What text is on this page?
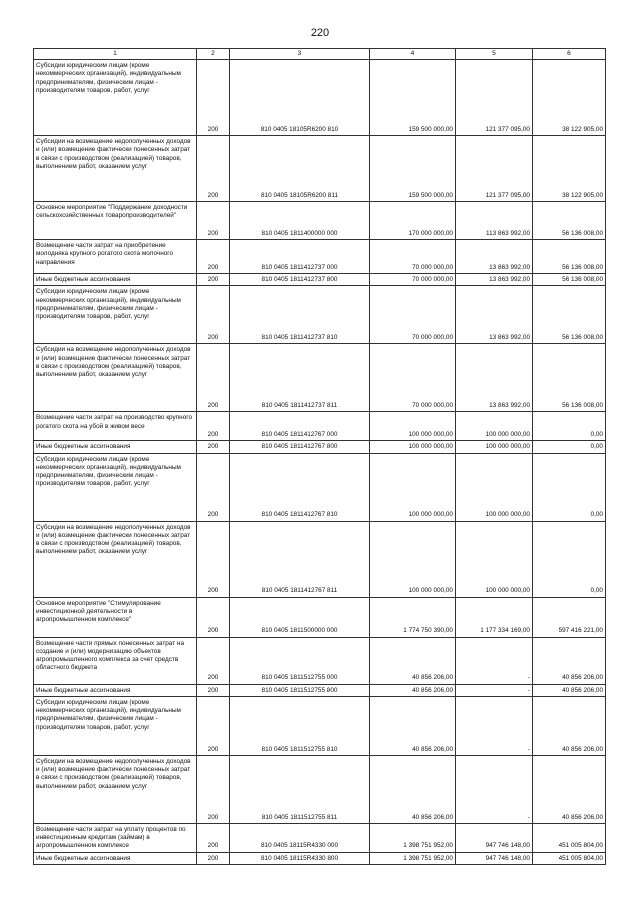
220
1	2	3	4	5	6
Субсидии юридическим лицам (кроме некоммерческих организаций), индивидуальным предпринимателям, физическим лицам - производителям товаров, работ, услуг	200	810 0405 18105R6200 810	159 500 000,00	121 377 095,00	38 122 905,00
Субсидии на возмещение недополученных доходов и (или) возмещение фактически понесенных затрат в связи с производством (реализацией) товаров, выполнением работ, оказанием услуг	200	810 0405 18105R6200 811	159 500 000,00	121 377 095,00	38 122 905,00
Основное мероприятие "Поддержание доходности сельскохозяйственных товаропроизводителей"	200	810 0405 1811400000 000	170 000 000,00	113 863 992,00	56 136 008,00
Возмещение части затрат на приобретение молодняка крупного рогатого скота молочного направления	200	810 0405 1811412737 000	70 000 000,00	13 863 992,00	56 136 008,00
Иные бюджетные ассигнования	200	810 0405 1811412737 800	70 000 000,00	13 863 992,00	56 136 008,00
Субсидии юридическим лицам (кроме некоммерческих организаций), индивидуальным предпринимателям, физическим лицам - производителям товаров, работ, услуг	200	810 0405 1811412737 810	70 000 000,00	13 863 992,00	56 136 008,00
Субсидии на возмещение недополученных доходов и (или) возмещение фактически понесенных затрат в связи с производством (реализацией) товаров, выполнением работ, оказанием услуг	200	810 0405 1811412737 811	70 000 000,00	13 863 992,00	56 136 008,00
Возмещение части затрат на производство крупного рогатого скота на убой в живом весе	200	810 0405 1811412767 000	100 000 000,00	100 000 000,00	0,00
Иные бюджетные ассигнования	200	810 0405 1811412767 800	100 000 000,00	100 000 000,00	0,00
Субсидии юридическим лицам (кроме некоммерческих организаций), индивидуальным предпринимателям, физическим лицам - производителям товаров, работ, услуг	200	810 0405 1811412767 810	100 000 000,00	100 000 000,00	0,00
Субсидии на возмещение недополученных доходов и (или) возмещение фактически понесенных затрат в связи с производством (реализацией) товаров, выполнением работ, оказанием услуг	200	810 0405 1811412767 811	100 000 000,00	100 000 000,00	0,00
Основное мероприятие "Стимулирование инвестиционной деятельности в агропромышленном комплексе"	200	810 0405 1811500000 000	1 774 750 390,00	1 177 334 169,00	597 416 221,00
Возмещение части прямых понесенных затрат на создание и (или) модернизацию объектов агропромышленного комплекса за счет средств областного бюджета	200	810 0405 1811512755 000	40 856 206,00	-	40 856 206,00
Иные бюджетные ассигнования	200	810 0405 1811512755 800	40 856 206,00	-	40 856 206,00
Субсидии юридическим лицам (кроме некоммерческих организаций), индивидуальным предпринимателям, физическим лицам - производителям товаров, работ, услуг	200	810 0405 1811512755 810	40 856 206,00	-	40 856 206,00
Субсидии на возмещение недополученных доходов и (или) возмещение фактически понесенных затрат в связи с производством (реализацией) товаров, выполнением работ, оказанием услуг	200	810 0405 1811512755 811	40 856 206,00	-	40 856 206,00
Возмещение части затрат на уплату процентов по инвестиционным кредитам (займам) в агропромышленном комплексе	200	810 0405 18115R4330 000	1 398 751 952,00	947 746 148,00	451 005 804,00
Иные бюджетные ассигнования	200	810 0405 18115R4330 800	1 398 751 952,00	947 746 148,00	451 005 804,00
